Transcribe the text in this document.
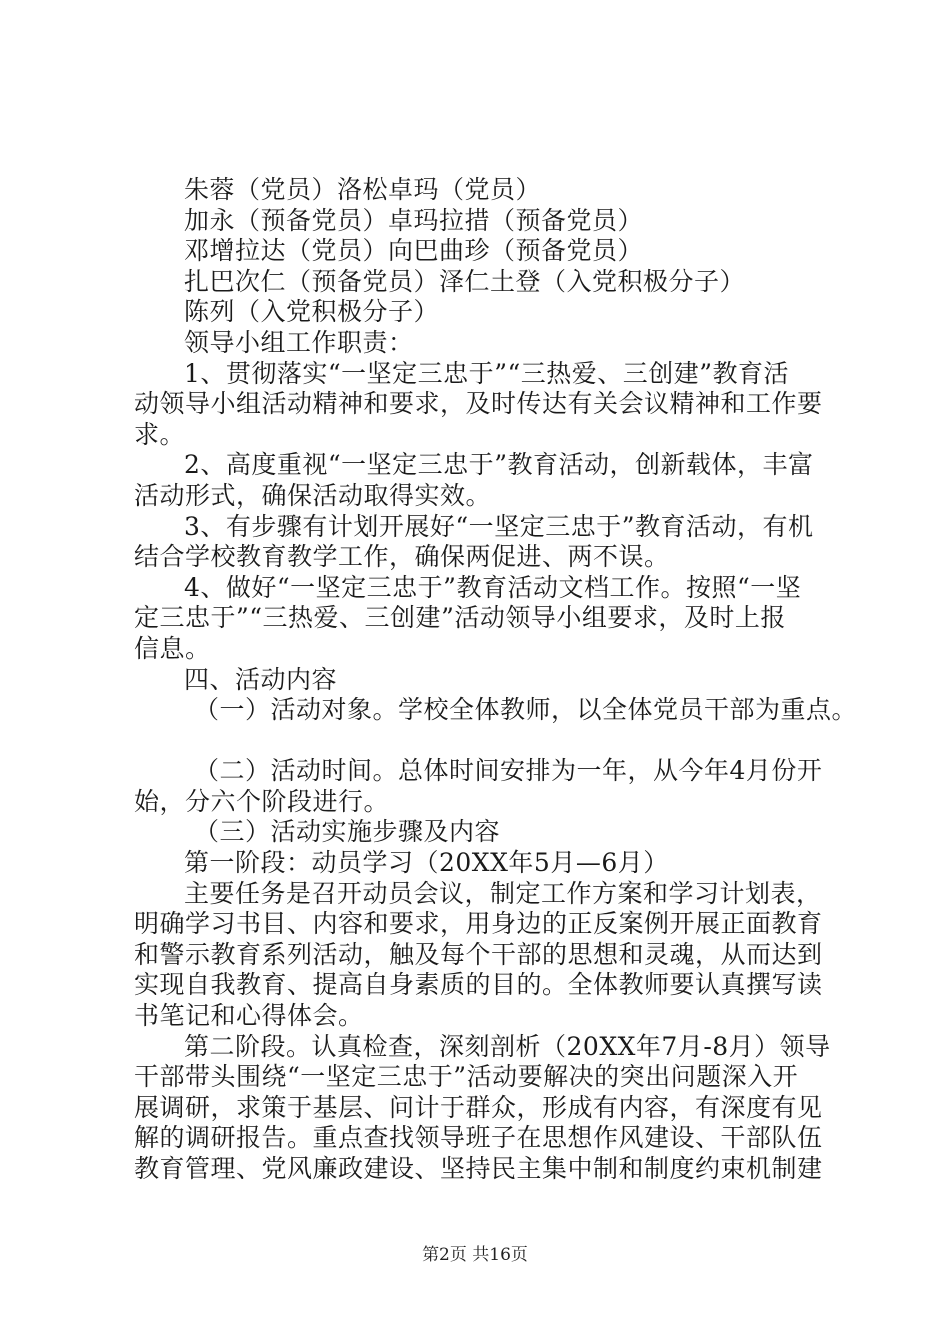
朱蓉（党员）洛松卓玛（党员）
加永（预备党员）卓玛拉措（预备党员）
邓增拉达（党员）向巴曲珍（预备党员）
扎巴次仁（预备党员）泽仁土登（入党积极分子）
陈列（入党积极分子）
领导小组工作职责：
1、贯彻落实“一坚定三忠于”“三热爱、三创建”教育活
动领导小组活动精神和要求，及时传达有关会议精神和工作要
求。
2、高度重视“一坚定三忠于”教育活动，创新载体，丰富
活动形式，确保活动取得实效。
3、有步骤有计划开展好“一坚定三忠于”教育活动，有机
结合学校教育教学工作，确保两促进、两不误。
4、做好“一坚定三忠于”教育活动文档工作。按照“一坚
定三忠于”“三热爱、三创建”活动领导小组要求，及时上报
信息。
四、活动内容
（一）活动对象。学校全体教师，以全体党员干部为重点。
（二）活动时间。总体时间安排为一年，从今年4月份开
始，分六个阶段进行。
（三）活动实施步骤及内容
第一阶段：动员学习（20XX年5月—6月）
主要任务是召开动员会议，制定工作方案和学习计划表，
明确学习书目、内容和要求，用身边的正反案例开展正面教育
和警示教育系列活动，触及每个干部的思想和灵魂，从而达到
实现自我教育、提高自身素质的目的。全体教师要认真撰写读
书笔记和心得体会。
第二阶段。认真检查，深刻剖析（20XX年7月-8月）领导
干部带头围绕“一坚定三忠于”活动要解决的突出问题深入开
展调研，求策于基层、问计于群众，形成有内容，有深度有见
解的调研报告。重点查找领导班子在思想作风建设、干部队伍
教育管理、党风廉政建设、坚持民主集中制和制度约束机制建
第2页 共16页
